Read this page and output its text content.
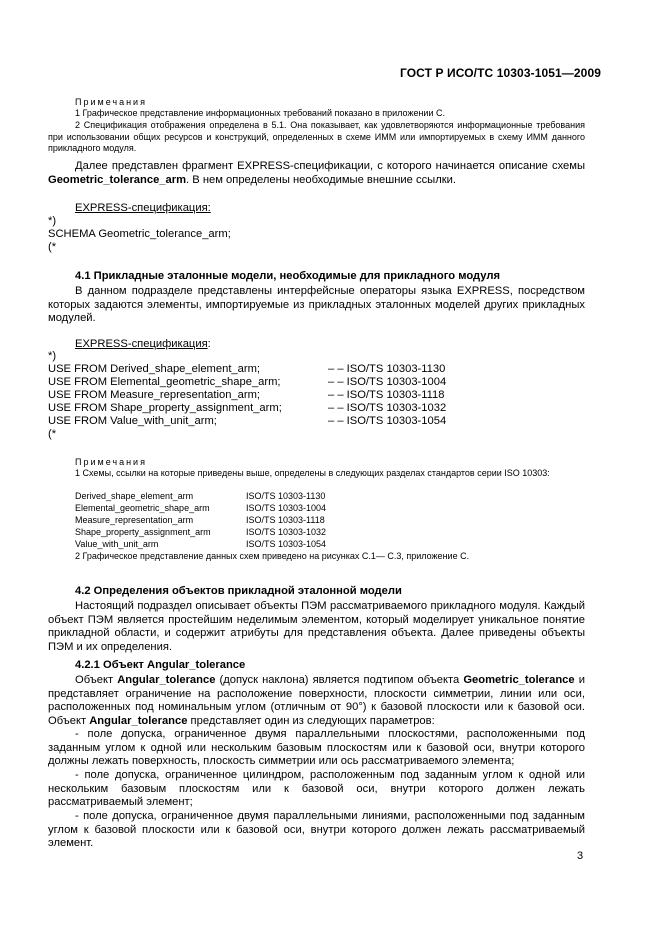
ГОСТ Р ИСО/ТС 10303-1051—2009
Примечания
1 Графическое представление информационных требований показано в приложении С.
2 Спецификация отображения определена в 5.1. Она показывает, как удовлетворяются информационные требования при использовании общих ресурсов и конструкций, определенных в схеме ИММ или импортируемых в схему ИММ данного прикладного модуля.
Далее представлен фрагмент EXPRESS-спецификации, с которого начинается описание схемы Geometric_tolerance_arm. В нем определены необходимые внешние ссылки.
EXPRESS-спецификация:
*)
SCHEMA Geometric_tolerance_arm;
(*
4.1 Прикладные эталонные модели, необходимые для прикладного модуля
В данном подразделе представлены интерфейсные операторы языка EXPRESS, посредством которых задаются элементы, импортируемые из прикладных эталонных моделей других прикладных модулей.
EXPRESS-спецификация:
*)
USE FROM Derived_shape_element_arm;	– – ISO/TS 10303-1130
USE FROM Elemental_geometric_shape_arm;	– – ISO/TS 10303-1004
USE FROM Measure_representation_arm;	– – ISO/TS 10303-1118
USE FROM Shape_property_assignment_arm;	– – ISO/TS 10303-1032
USE FROM Value_with_unit_arm;	– – ISO/TS 10303-1054
(*
Примечания
1 Схемы, ссылки на которые приведены выше, определены в следующих разделах стандартов серии ISO 10303:
Derived_shape_element_arm	ISO/TS 10303-1130
Elemental_geometric_shape_arm	ISO/TS 10303-1004
Measure_representation_arm	ISO/TS 10303-1118
Shape_property_assignment_arm	ISO/TS 10303-1032
Value_with_unit_arm	ISO/TS 10303-1054
2 Графическое представление данных схем приведено на рисунках С.1— С.3, приложение С.
4.2 Определения объектов прикладной эталонной модели
Настоящий подраздел описывает объекты ПЭМ рассматриваемого прикладного модуля. Каждый объект ПЭМ является простейшим неделимым элементом, который моделирует уникальное понятие прикладной области, и содержит атрибуты для представления объекта. Далее приведены объекты ПЭМ и их определения.
4.2.1 Объект Angular_tolerance
Объект Angular_tolerance (допуск наклона) является подтипом объекта Geometric_tolerance и представляет ограничение на расположение поверхности, плоскости симметрии, линии или оси, расположенных под номинальным углом (отличным от 90°) к базовой плоскости или к базовой оси. Объект Angular_tolerance представляет один из следующих параметров:
- поле допуска, ограниченное двумя параллельными плоскостями, расположенными под заданным углом к одной или нескольким базовым плоскостям или к базовой оси, внутри которого должны лежать поверхность, плоскость симметрии или ось рассматриваемого элемента;
- поле допуска, ограниченное цилиндром, расположенным под заданным углом к одной или нескольким базовым плоскостям или к базовой оси, внутри которого должен лежать рассматриваемый элемент;
- поле допуска, ограниченное двумя параллельными линиями, расположенными под заданным углом к базовой плоскости или к базовой оси, внутри которого должен лежать рассматриваемый элемент.
3
